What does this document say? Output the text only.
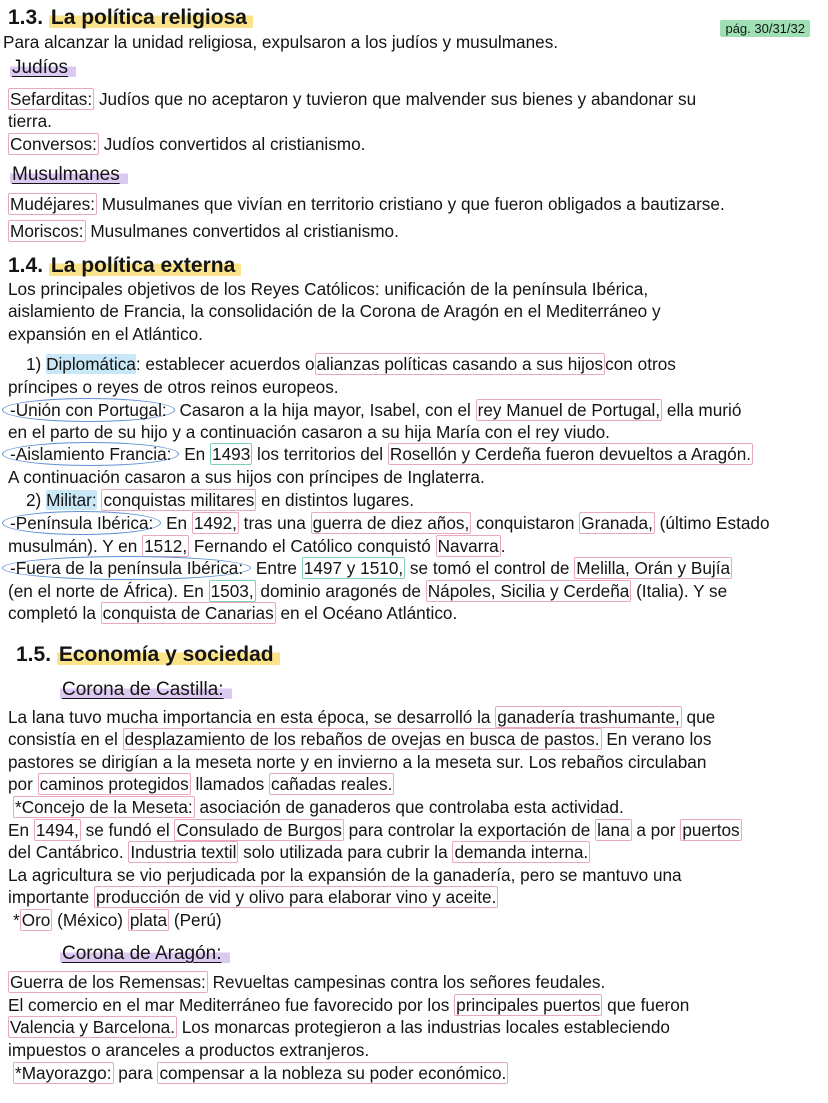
pág. 30/31/32
1.3. La política religiosa
Para alcanzar la unidad religiosa, expulsaron a los judíos y musulmanes.
Judíos
Sefarditas: Judíos que no aceptaron y tuvieron que malvender sus bienes y abandonar su
tierra.
Conversos: Judíos convertidos al cristianismo.
Musulmanes
Mudéjares: Musulmanes que vivían en territorio cristiano y que fueron obligados a bautizarse.
Moriscos: Musulmanes convertidos al cristianismo.
1.4. La política externa
Los principales objetivos de los Reyes Católicos: unificación de la península Ibérica,
aislamiento de Francia, la consolidación de la Corona de Aragón en el Mediterráneo y
expansión en el Atlántico.
1) Diplomática: establecer acuerdos o alianzas políticas casando a sus hijos con otros
príncipes o reyes de otros reinos europeos.
-Unión con Portugal: Casaron a la hija mayor, Isabel, con el rey Manuel de Portugal, ella murió
en el parto de su hijo y a continuación casaron a su hija María con el rey viudo.
-Aislamiento Francia: En 1493 los territorios del Rosellón y Cerdeña fueron devueltos a Aragón.
A continuación casaron a sus hijos con príncipes de Inglaterra.
2) Militar: conquistas militares en distintos lugares.
-Península Ibérica: En 1492, tras una guerra de diez años, conquistaron Granada, (último Estado
musulmán). Y en 1512, Fernando el Católico conquistó Navarra .
-Fuera de la península Ibérica: Entre 1497 y 1510, se tomó el control de Melilla, Orán y Bujía
(en el norte de África). En 1503, dominio aragonés de Nápoles, Sicilia y Cerdeña (Italia). Y se
completó la conquista de Canarias en el Océano Atlántico.
1.5. Economía y sociedad
Corona de Castilla:
La lana tuvo mucha importancia en esta época, se desarrolló la ganadería trashumante, que
consistía en el desplazamiento de los rebaños de ovejas en busca de pastos. En verano los
pastores se dirigían a la meseta norte y en invierno a la meseta sur. Los rebaños circulaban
por caminos protegidos llamados cañadas reales.
*Concejo de la Meseta: asociación de ganaderos que controlaba esta actividad.
En 1494, se fundó el Consulado de Burgos para controlar la exportación de lana a por puertos
del Cantábrico. Industria textil solo utilizada para cubrir la demanda interna.
La agricultura se vio perjudicada por la expansión de la ganadería, pero se mantuvo una
importante producción de vid y olivo para elaborar vino y aceite.
* Oro (México) plata (Perú)
Corona de Aragón:
Guerra de los Remensas: Revueltas campesinas contra los señores feudales.
El comercio en el mar Mediterráneo fue favorecido por los principales puertos que fueron
Valencia y Barcelona. Los monarcas protegieron a las industrias locales estableciendo
impuestos o aranceles a productos extranjeros.
*Mayorazgo: para compensar a la nobleza su poder económico.
